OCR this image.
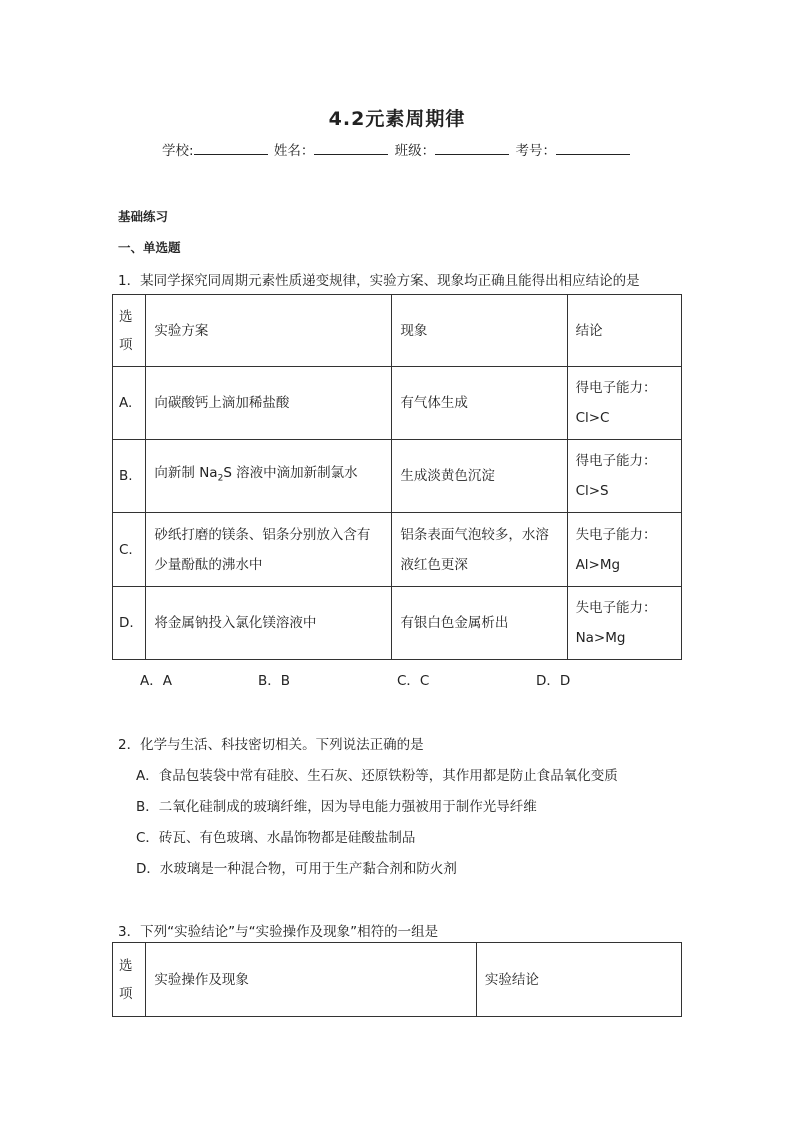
4.2元素周期律
学校:	姓名：	班级：	考号：
基础练习
一、单选题
1．某同学探究同周期元素性质递变规律，实验方案、现象均正确且能得出相应结论的是
选项	实验方案	现象	结论
A.	向碳酸钙上滴加稀盐酸	有气体生成	得电子能力：
Cl>C

B.	向新制 $Na_2S$ 溶液中滴加新制氯水	生成淡黄色沉淀	得电子能力：
Cl>S

C.	砂纸打磨的镁条、铝条分别放入含有少量酚酞的沸水中	铝条表面气泡较多，水溶液红色更深	失电子能力：
Al>Mg

D.	将金属钠投入氯化镁溶液中	有银白色金属析出	失电子能力：
Na>Mg
A．A	B．B	C．C	D．D
2．化学与生活、科技密切相关。下列说法正确的是
A．食品包装袋中常有硅胶、生石灰、还原铁粉等，其作用都是防止食品氧化变质
B．二氧化硅制成的玻璃纤维，因为导电能力强被用于制作光导纤维
C．砖瓦、有色玻璃、水晶饰物都是硅酸盐制品
D．水玻璃是一种混合物，可用于生产黏合剂和防火剂
3．下列“实验结论”与“实验操作及现象”相符的一组是
选项	实验操作及现象	实验结论
